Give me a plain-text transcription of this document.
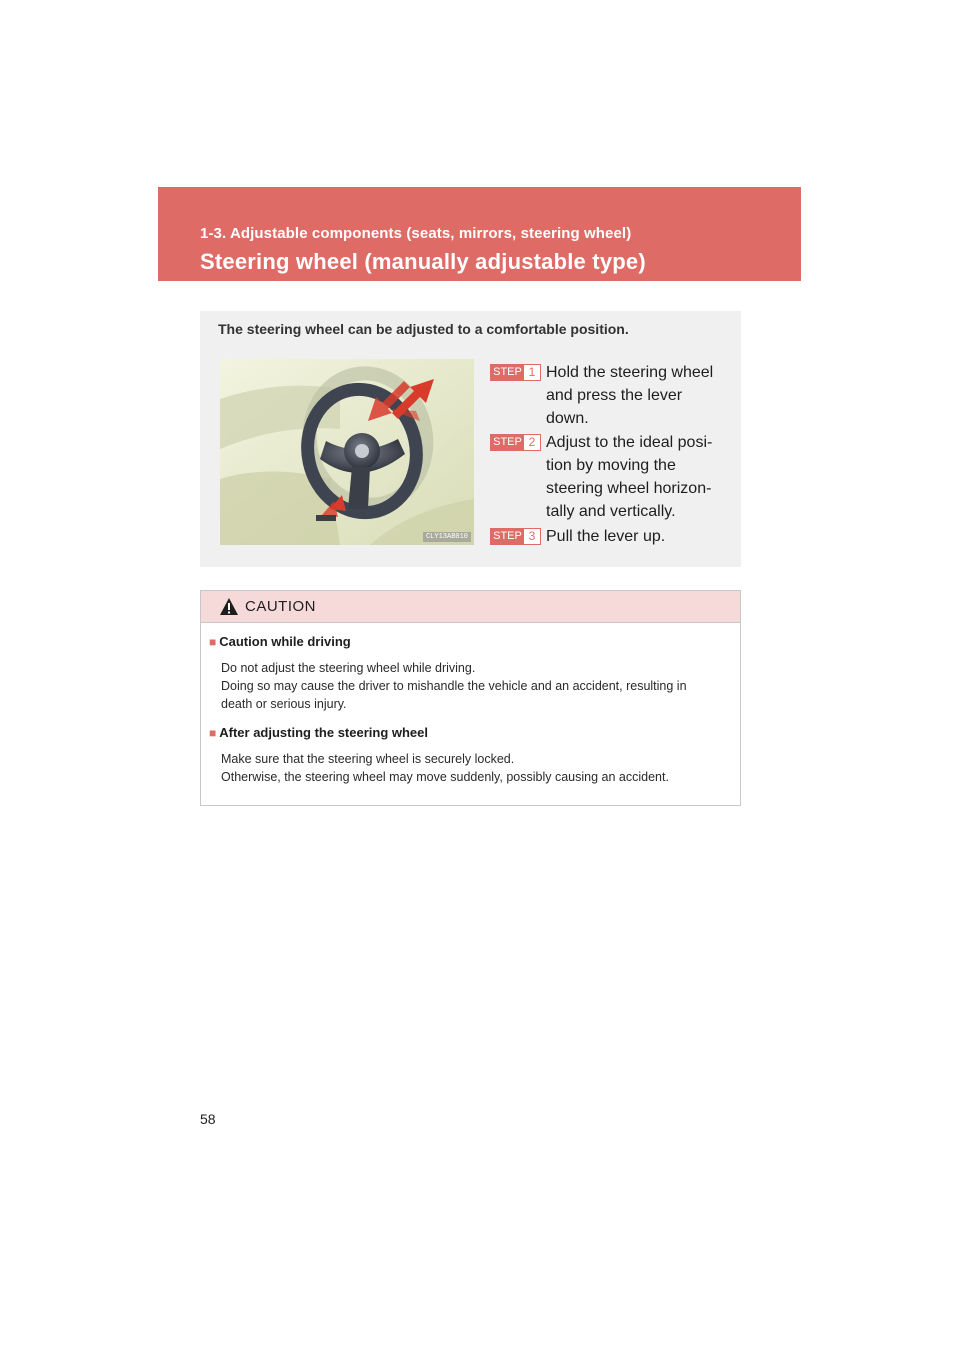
1-3. Adjustable components (seats, mirrors, steering wheel)
Steering wheel (manually adjustable type)
The steering wheel can be adjusted to a comfortable position.
CLY13AB010
STEP 1 Hold the steering wheel
and press the lever
down.
STEP 2 Adjust to the ideal posi-
tion by moving the
steering wheel horizon-
tally and vertically.
STEP 3 Pull the lever up.
CAUTION
■ Caution while driving
Do not adjust the steering wheel while driving.
Doing so may cause the driver to mishandle the vehicle and an accident, resulting in
death or serious injury.
■ After adjusting the steering wheel
Make sure that the steering wheel is securely locked.
Otherwise, the steering wheel may move suddenly, possibly causing an accident.
58
